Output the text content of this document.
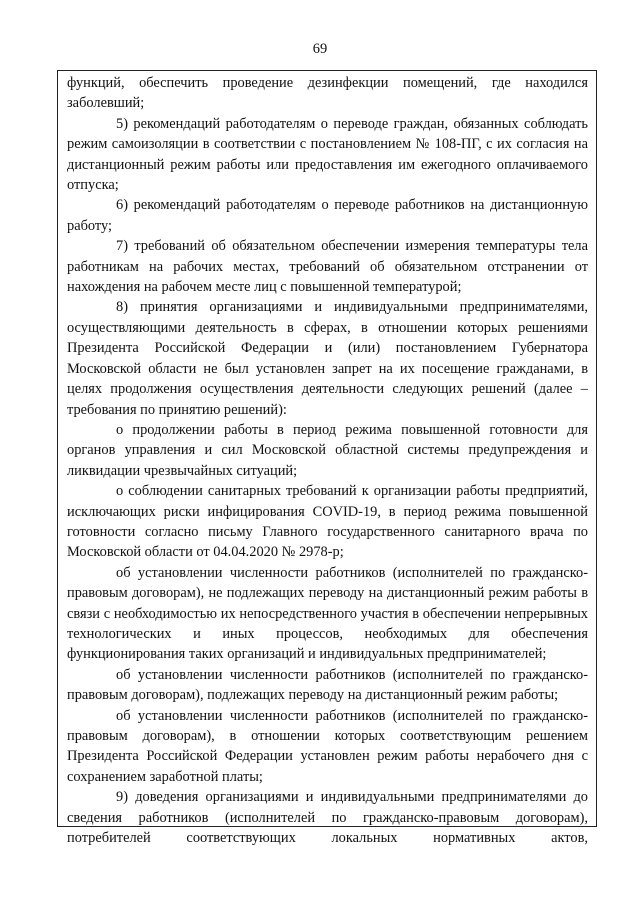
69

функций, обеспечить проведение дезинфекции помещений, где находился заболевший;

5) рекомендаций работодателям о переводе граждан, обязанных соблюдать режим самоизоляции в соответствии с постановлением № 108-ПГ, с их согласия на дистанционный режим работы или предоставления им ежегодного оплачиваемого отпуска;

6) рекомендаций работодателям о переводе работников на дистанционную работу;

7) требований об обязательном обеспечении измерения температуры тела работникам на рабочих местах, требований об обязательном отстранении от нахождения на рабочем месте лиц с повышенной температурой;

8) принятия организациями и индивидуальными предпринимателями, осуществляющими деятельность в сферах, в отношении которых решениями Президента Российской Федерации и (или) постановлением Губернатора Московской области не был установлен запрет на их посещение гражданами, в целях продолжения осуществления деятельности следующих решений (далее – требования по принятию решений):

о продолжении работы в период режима повышенной готовности для органов управления и сил Московской областной системы предупреждения и ликвидации чрезвычайных ситуаций;

о соблюдении санитарных требований к организации работы предприятий, исключающих риски инфицирования COVID-19, в период режима повышенной готовности согласно письму Главного государственного санитарного врача по Московской области от 04.04.2020 № 2978-р;

об установлении численности работников (исполнителей по гражданско-правовым договорам), не подлежащих переводу на дистанционный режим работы в связи с необходимостью их непосредственного участия в обеспечении непрерывных технологических и иных процессов, необходимых для обеспечения функционирования таких организаций и индивидуальных предпринимателей;

об установлении численности работников (исполнителей по гражданско-правовым договорам), подлежащих переводу на дистанционный режим работы;

об установлении численности работников (исполнителей по гражданско-правовым договорам), в отношении которых соответствующим решением Президента Российской Федерации установлен режим работы нерабочего дня с сохранением заработной платы;

9) доведения организациями и индивидуальными предпринимателями до сведения работников (исполнителей по гражданско-правовым договорам), потребителей соответствующих локальных нормативных актов,
